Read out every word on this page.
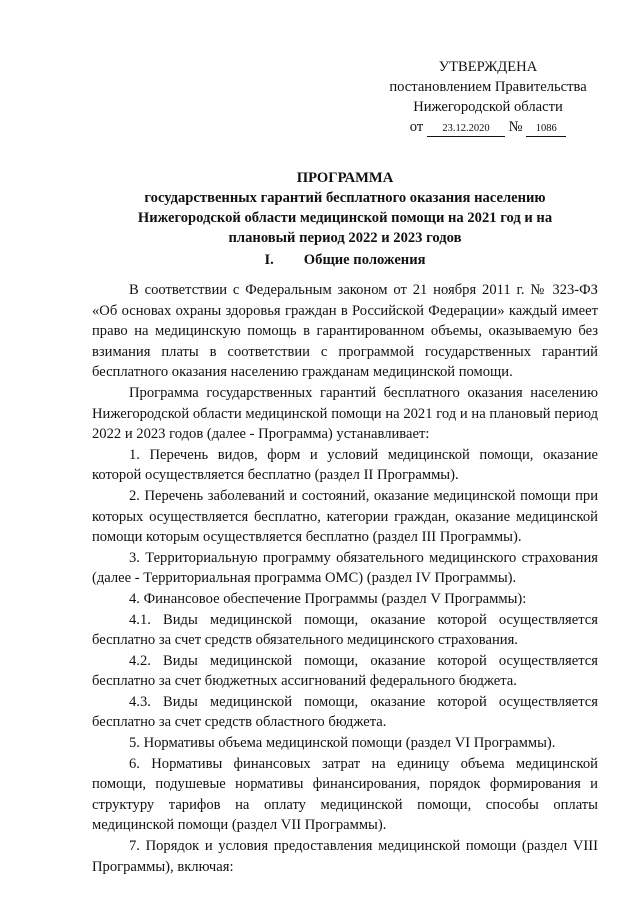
УТВЕРЖДЕНА
постановлением Правительства
Нижегородской области
от 23.12.2020 № 1086
ПРОГРАММА
государственных гарантий бесплатного оказания населению
Нижегородской области медицинской помощи на 2021 год и на
плановый период 2022 и 2023 годов
I. Общие положения

В соответствии с Федеральным законом от 21 ноября 2011 г. № 323-ФЗ «Об основах охраны здоровья граждан в Российской Федерации» каждый имеет право на медицинскую помощь в гарантированном объемы, оказываемую без взимания платы в соответствии с программой государственных гарантий бесплатного оказания населению гражданам медицинской помощи.

Программа государственных гарантий бесплатного оказания населению Нижегородской области медицинской помощи на 2021 год и на плановый период 2022 и 2023 годов (далее - Программа) устанавливает:

1. Перечень видов, форм и условий медицинской помощи, оказание которой осуществляется бесплатно (раздел II Программы).

2. Перечень заболеваний и состояний, оказание медицинской помощи при которых осуществляется бесплатно, категории граждан, оказание медицинской помощи которым осуществляется бесплатно (раздел III Программы).

3. Территориальную программу обязательного медицинского страхования (далее - Территориальная программа ОМС) (раздел IV Программы).

4. Финансовое обеспечение Программы (раздел V Программы):

4.1. Виды медицинской помощи, оказание которой осуществляется бесплатно за счет средств обязательного медицинского страхования.

4.2. Виды медицинской помощи, оказание которой осуществляется бесплатно за счет бюджетных ассигнований федерального бюджета.

4.3. Виды медицинской помощи, оказание которой осуществляется бесплатно за счет средств областного бюджета.

5. Нормативы объема медицинской помощи (раздел VI Программы).

6. Нормативы финансовых затрат на единицу объема медицинской помощи, подушевые нормативы финансирования, порядок формирования и структуру тарифов на оплату медицинской помощи, способы оплаты медицинской помощи (раздел VII Программы).

7. Порядок и условия предоставления медицинской помощи (раздел VIII Программы), включая:
